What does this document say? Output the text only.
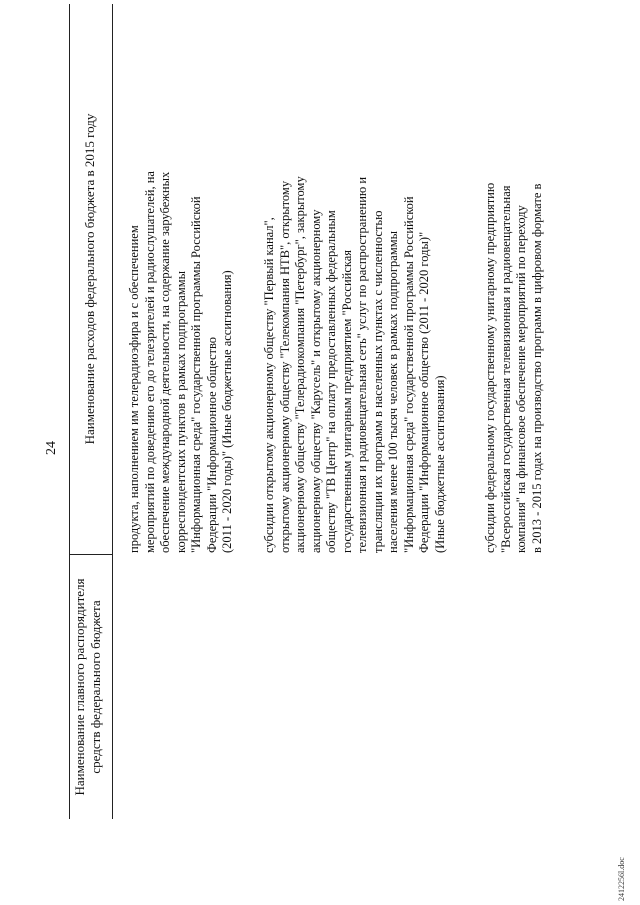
24
Наименование главного распорядителя средств федерального бюджета
Наименование расходов федерального бюджета в 2015 году продукта, наполнением им телерадиоэфира и с обеспечением мероприятий по доведению его до телезрителей и радиослушателей, на обеспечение международной деятельности, на содержание зарубежных корреспондентских пунктов в рамках подпрограммы "Информационная среда" государственной программы Российской Федерации "Информационное общество (2011 - 2020 годы)" (Иные бюджетные ассигнования) субсидии открытому акционерному обществу "Первый канал", открытому акционерному обществу "Телекомпания НТВ", открытому акционерному обществу "Телерадиокомпания "Петербург", закрытому акционерному обществу "Карусель" и открытому акционерному обществу "ТВ Центр" на оплату предоставленных федеральным государственным унитарным предприятием "Российская телевизионная и радиовещательная сеть" услуг по распространению и трансляции их программ в населенных пунктах с численностью населения менее 100 тысяч человек в рамках подпрограммы "Информационная среда" государственной программы Российской Федерации "Информационное общество (2011 - 2020 годы)" (Иные бюджетные ассигнования)	субсидии федеральному государственному унитарному предприятию "Всероссийская государственная телевизионная и радиовещательная компания" на финансовое обеспечение мероприятий по переходу в 2013 - 2015 годах на производство программ в цифровом формате в
2412256l.doc
